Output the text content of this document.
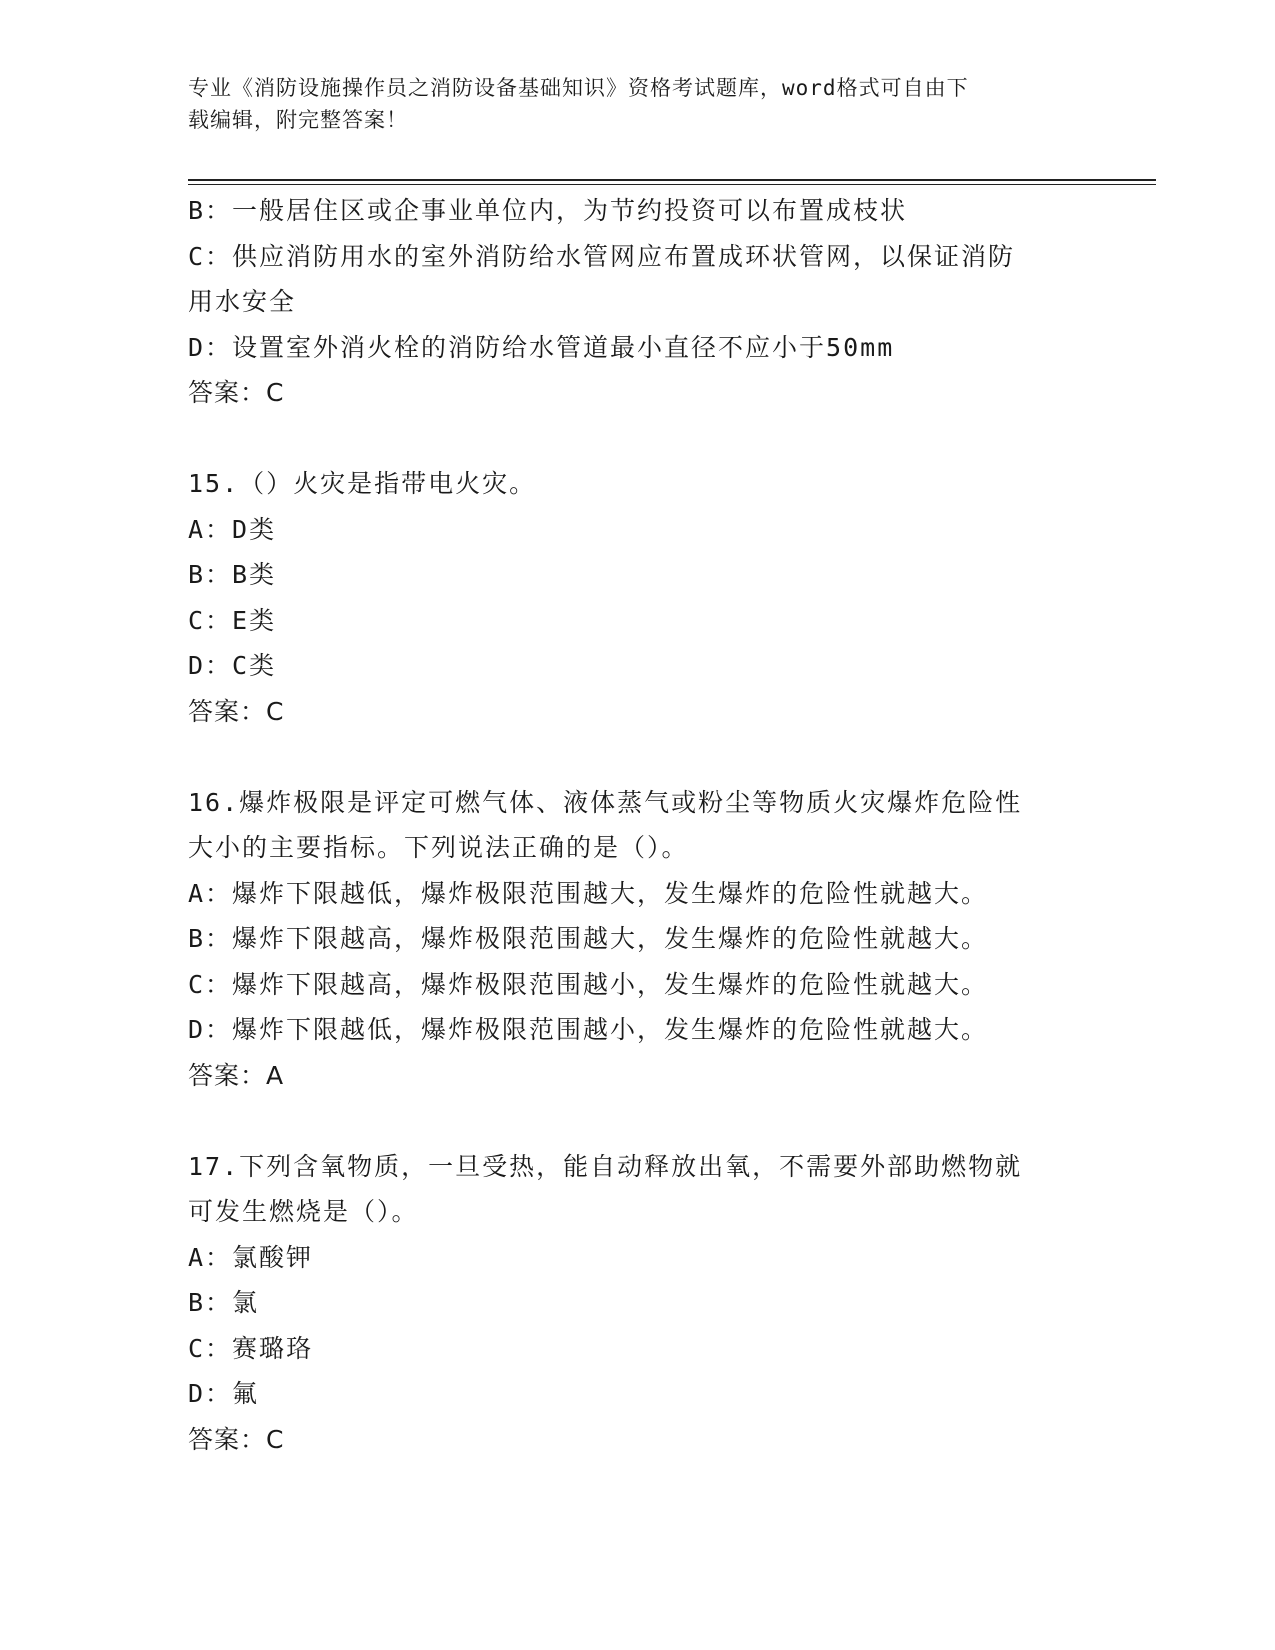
专业《消防设施操作员之消防设备基础知识》资格考试题库，word格式可自由下
载编辑，附完整答案！
B：一般居住区或企事业单位内，为节约投资可以布置成枝状
C：供应消防用水的室外消防给水管网应布置成环状管网，以保证消防
用水安全
D：设置室外消火栓的消防给水管道最小直径不应小于50mm
答案：C
15.（）火灾是指带电火灾。
A：D类
B：B类
C：E类
D：C类
答案：C
16.爆炸极限是评定可燃气体、液体蒸气或粉尘等物质火灾爆炸危险性
大小的主要指标。下列说法正确的是（）。
A：爆炸下限越低，爆炸极限范围越大，发生爆炸的危险性就越大。
B：爆炸下限越高，爆炸极限范围越大，发生爆炸的危险性就越大。
C：爆炸下限越高，爆炸极限范围越小，发生爆炸的危险性就越大。
D：爆炸下限越低，爆炸极限范围越小，发生爆炸的危险性就越大。
答案：A
17.下列含氧物质，一旦受热，能自动释放出氧，不需要外部助燃物就
可发生燃烧是（）。
A：氯酸钾
B：氯
C：赛璐珞
D：氟
答案：C
